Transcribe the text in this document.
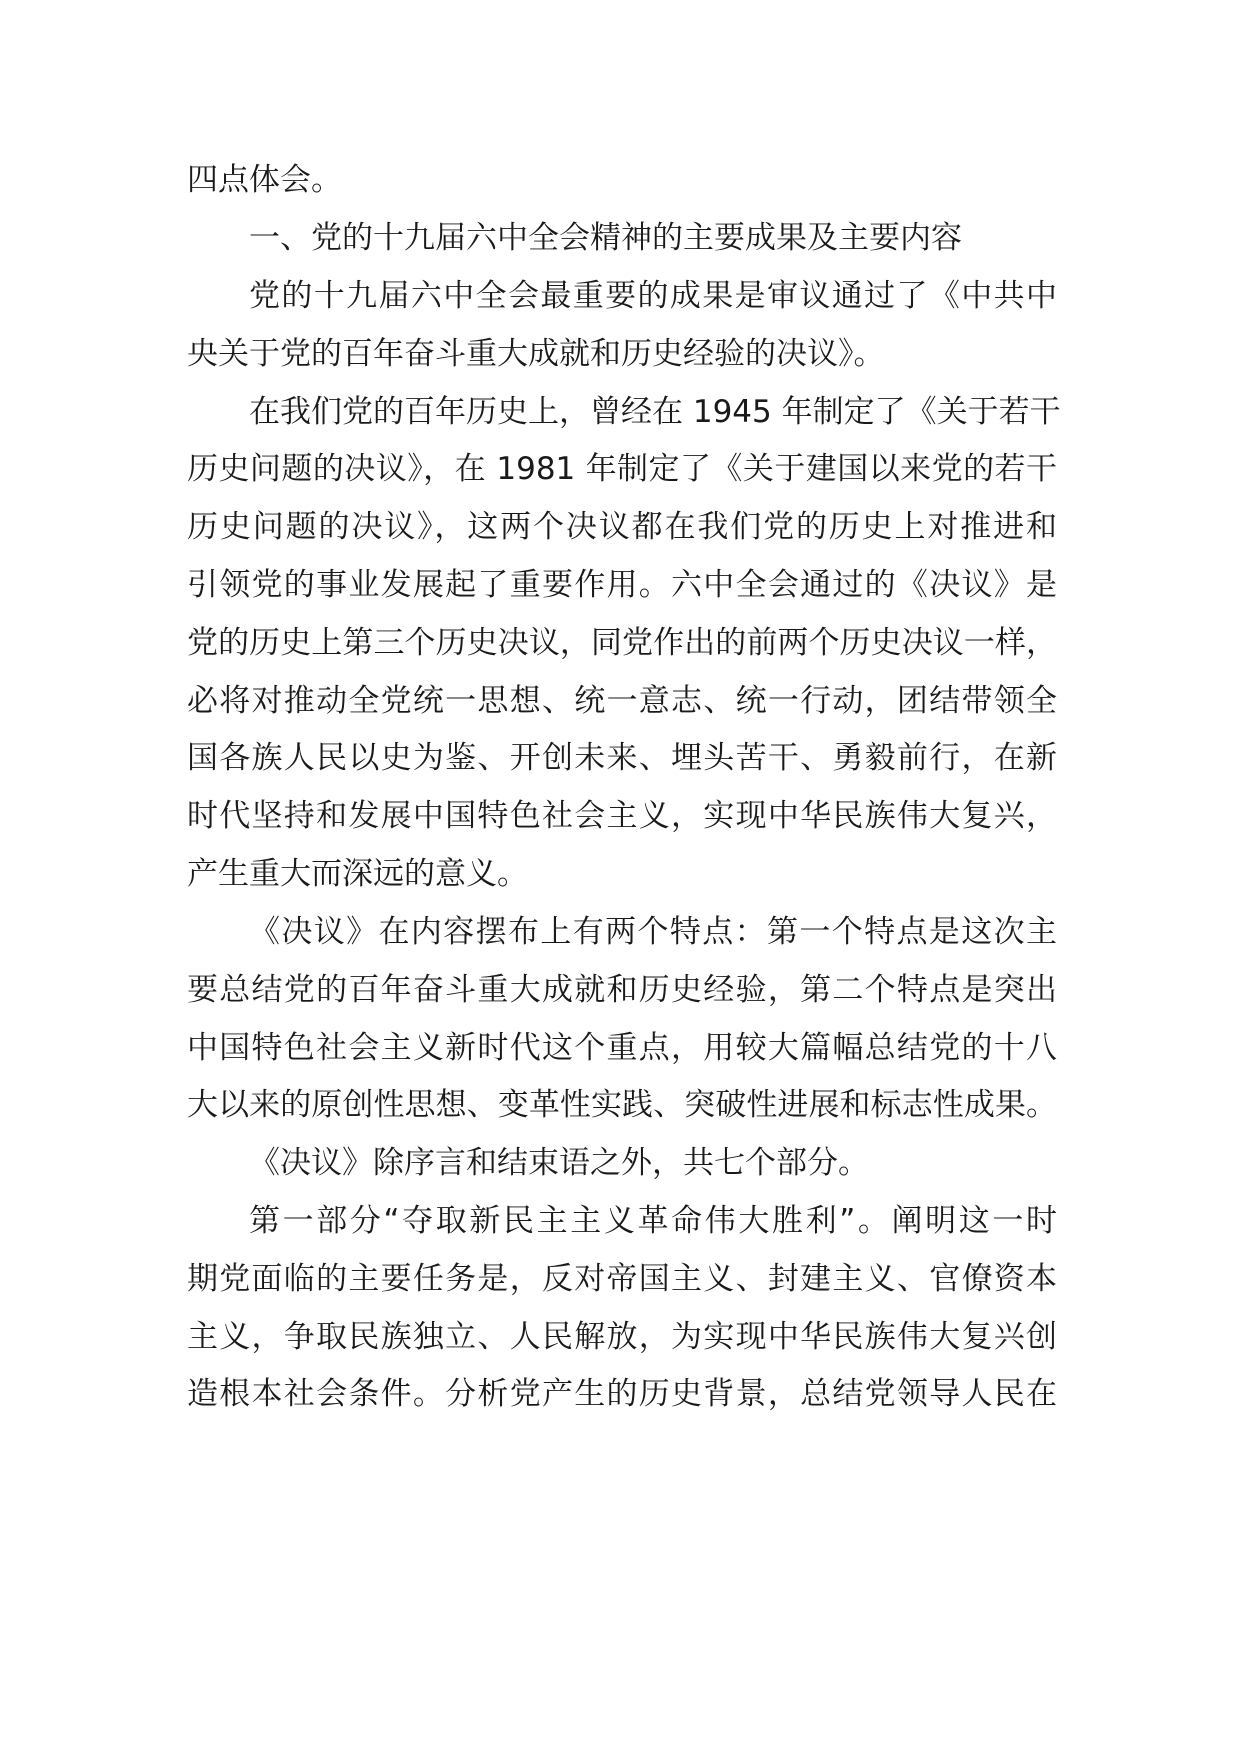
四点体会。
一、党的十九届六中全会精神的主要成果及主要内容
党的十九届六中全会最重要的成果是审议通过了《中共中
央关于党的百年奋斗重大成就和历史经验的决议》。
在我们党的百年历史上，曾经在 1945 年制定了《关于若干
历史问题的决议》，在 1981 年制定了《关于建国以来党的若干
历史问题的决议》，这两个决议都在我们党的历史上对推进和
引领党的事业发展起了重要作用。六中全会通过的《决议》是
党的历史上第三个历史决议，同党作出的前两个历史决议一样，
必将对推动全党统一思想、统一意志、统一行动，团结带领全
国各族人民以史为鉴、开创未来、埋头苦干、勇毅前行，在新
时代坚持和发展中国特色社会主义，实现中华民族伟大复兴，
产生重大而深远的意义。
《决议》在内容摆布上有两个特点：第一个特点是这次主
要总结党的百年奋斗重大成就和历史经验，第二个特点是突出
中国特色社会主义新时代这个重点，用较大篇幅总结党的十八
大以来的原创性思想、变革性实践、突破性进展和标志性成果。
《决议》除序言和结束语之外，共七个部分。
第一部分“夺取新民主主义革命伟大胜利”。阐明这一时
期党面临的主要任务是，反对帝国主义、封建主义、官僚资本
主义，争取民族独立、人民解放，为实现中华民族伟大复兴创
造根本社会条件。分析党产生的历史背景，总结党领导人民在
